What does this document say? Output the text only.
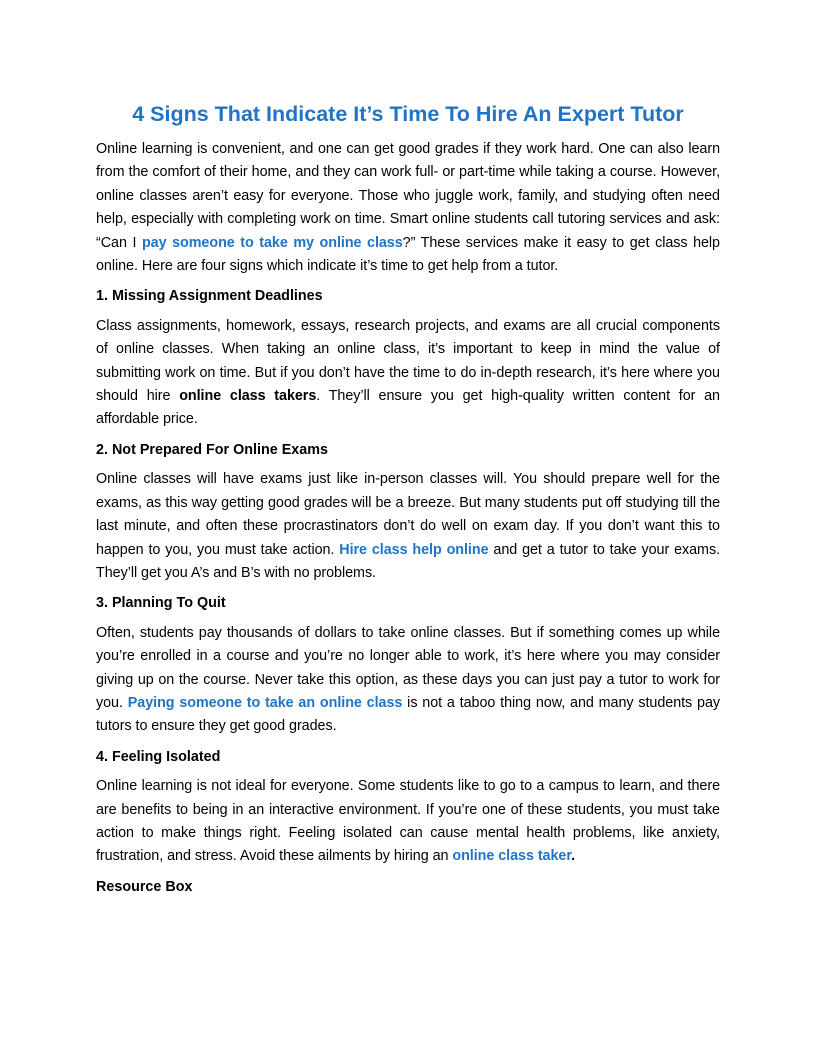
4 Signs That Indicate It’s Time To Hire An Expert Tutor

Online learning is convenient, and one can get good grades if they work hard. One can also learn from the comfort of their home, and they can work full- or part-time while taking a course. However, online classes aren’t easy for everyone. Those who juggle work, family, and studying often need help, especially with completing work on time. Smart online students call tutoring services and ask: “Can I pay someone to take my online class?” These services make it easy to get class help online. Here are four signs which indicate it’s time to get help from a tutor.

1. Missing Assignment Deadlines

Class assignments, homework, essays, research projects, and exams are all crucial components of online classes. When taking an online class, it’s important to keep in mind the value of submitting work on time. But if you don’t have the time to do in-depth research, it’s here where you should hire online class takers. They’ll ensure you get high-quality written content for an affordable price.

2. Not Prepared For Online Exams

Online classes will have exams just like in-person classes will. You should prepare well for the exams, as this way getting good grades will be a breeze. But many students put off studying till the last minute, and often these procrastinators don’t do well on exam day. If you don’t want this to happen to you, you must take action. Hire class help online and get a tutor to take your exams. They’ll get you A’s and B’s with no problems.

3. Planning To Quit

Often, students pay thousands of dollars to take online classes. But if something comes up while you’re enrolled in a course and you’re no longer able to work, it’s here where you may consider giving up on the course. Never take this option, as these days you can just pay a tutor to work for you. Paying someone to take an online class is not a taboo thing now, and many students pay tutors to ensure they get good grades.

4. Feeling Isolated

Online learning is not ideal for everyone. Some students like to go to a campus to learn, and there are benefits to being in an interactive environment. If you’re one of these students, you must take action to make things right. Feeling isolated can cause mental health problems, like anxiety, frustration, and stress. Avoid these ailments by hiring an online class taker.

Resource Box
